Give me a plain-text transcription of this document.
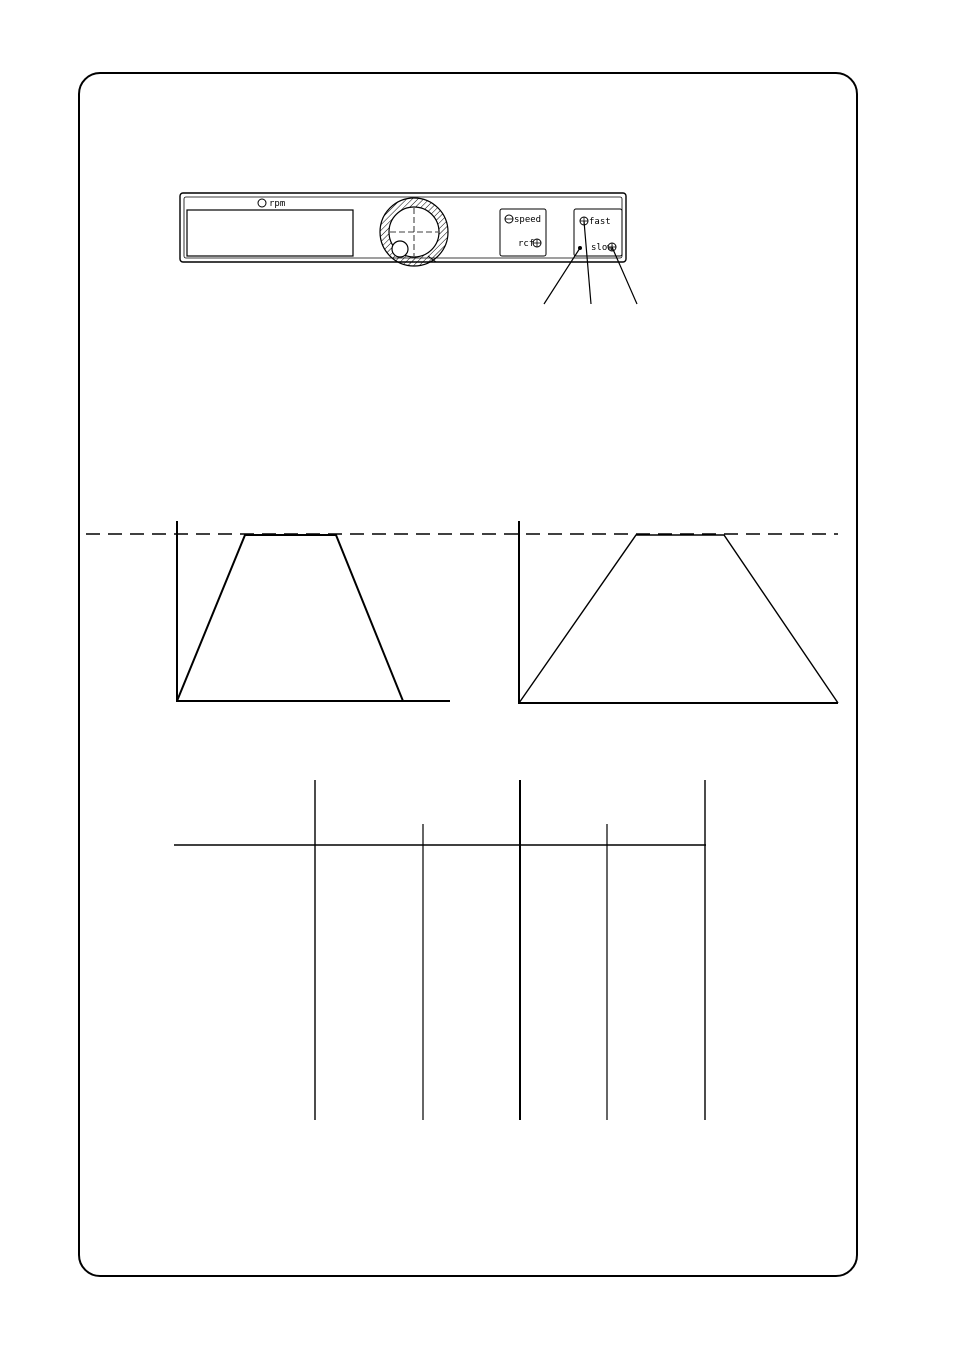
rpm
speed
rcf
fast
slow
